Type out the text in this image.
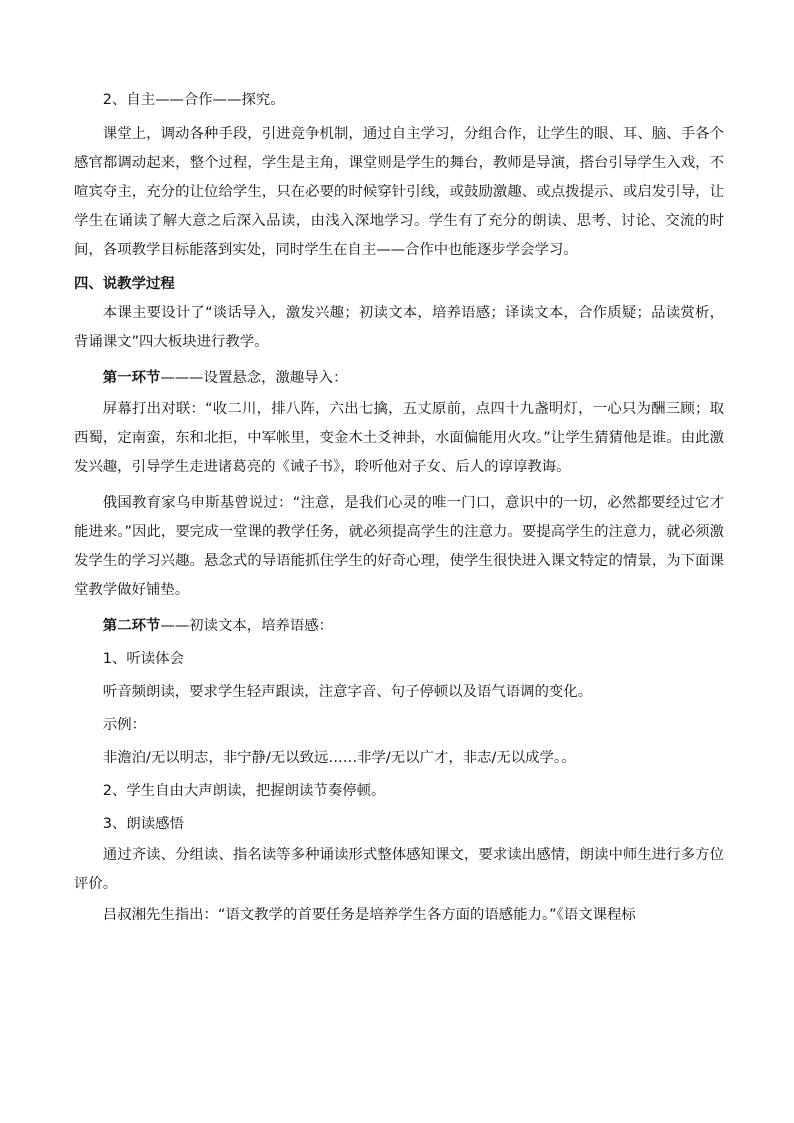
2、自主——合作——探究。

课堂上，调动各种手段，引进竞争机制，通过自主学习，分组合作，让学生的眼、耳、脑、手各个感官都调动起来，整个过程，学生是主角，课堂则是学生的舞台，教师是导演，搭台引导学生入戏，不喧宾夺主，充分的让位给学生，只在必要的时候穿针引线，或鼓励激趣、或点拨提示、或启发引导，让学生在诵读了解大意之后深入品读，由浅入深地学习。学生有了充分的朗读、思考、讨论、交流的时间，各项教学目标能落到实处，同时学生在自主——合作中也能逐步学会学习。

四、说教学过程

本课主要设计了“谈话导入，激发兴趣；初读文本，培养语感；译读文本，合作质疑；品读赏析，背诵课文”四大板块进行教学。

第一环节———设置悬念，激趣导入：

屏幕打出对联：“收二川，排八阵，六出七擒，五丈原前，点四十九盏明灯，一心只为酬三顾；取西蜀，定南蛮，东和北拒，中军帐里，变金木土爻神卦，水面偏能用火攻。”让学生猜猜他是谁。由此激发兴趣，引导学生走进诸葛亮的《诫子书》，聆听他对子女、后人的谆谆教诲。

俄国教育家乌申斯基曾说过：“注意，是我们心灵的唯一门口，意识中的一切，必然都要经过它才能进来。”因此，要完成一堂课的教学任务，就必须提高学生的注意力。要提高学生的注意力，就必须激发学生的学习兴趣。悬念式的导语能抓住学生的好奇心理，使学生很快进入课文特定的情景，为下面课堂教学做好铺垫。

第二环节——初读文本，培养语感：

1、听读体会

听音频朗读，要求学生轻声跟读，注意字音、句子停顿以及语气语调的变化。

示例：

非澹泊/无以明志，非宁静/无以致远……非学/无以广才，非志/无以成学。。

2、学生自由大声朗读，把握朗读节奏停顿。

3、朗读感悟

通过齐读、分组读、指名读等多种诵读形式整体感知课文，要求读出感情，朗读中师生进行多方位评价。

吕叔湘先生指出：“语文教学的首要任务是培养学生各方面的语感能力。”《语文课程标
